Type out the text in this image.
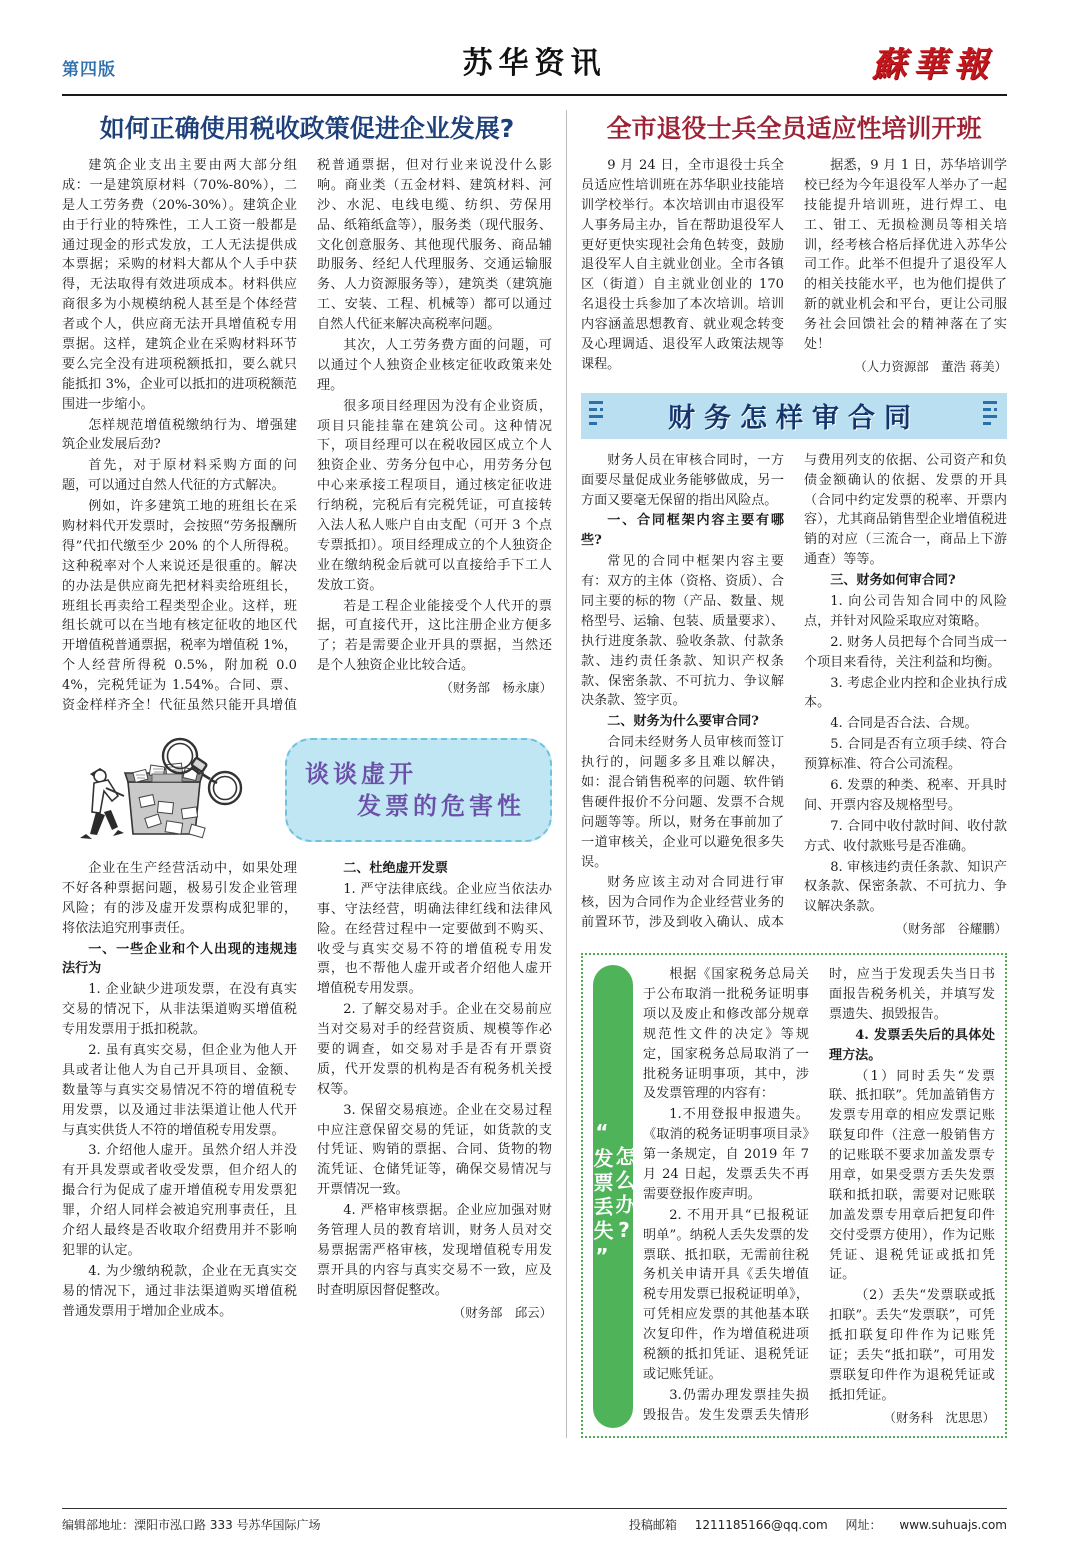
第四版	苏华资讯	蘇華報
如何正确使用税收政策促进企业发展?

建筑企业支出主要由两大部分组成：一是建筑原材料（70%-80%），二是人工劳务费（20%-30%）。建筑企业由于行业的特殊性，工人工资一般都是通过现金的形式发放，工人无法提供成本票据；采购的材料大都从个人手中获得，无法取得有效进项成本。材料供应商很多为小规模纳税人甚至是个体经营者或个人，供应商无法开具增值税专用票据。这样，建筑企业在采购材料环节要么完全没有进项税额抵扣，要么就只能抵扣 3%，企业可以抵扣的进项税额范围进一步缩小。

怎样规范增值税缴纳行为、增强建筑企业发展后劲?

首先，对于原材料采购方面的问题，可以通过自然人代征的方式解决。

例如，许多建筑工地的班组长在采购材料代开发票时，会按照“劳务报酬所得”代扣代缴至少 20% 的个人所得税。这种税率对个人来说还是很重的。解决的办法是供应商先把材料卖给班组长，班组长再卖给工程类型企业。这样，班组长就可以在当地有核定征收的地区代开增值税普通票据，税率为增值税 1%，个人经营所得税 0.5%，附加税 0.04%，完税凭证为 1.54%。合同、票、资金样样齐全！代征虽然只能开具增值税普通票据，但对行业来说没什么影响。商业类（五金材料、建筑材料、河沙、水泥、电线电缆、纺织、劳保用品、纸箱纸盒等），服务类（现代服务、文化创意服务、其他现代服务、商品辅助服务、经纪人代理服务、交通运输服务、人力资源服务等），建筑类（建筑施工、安装、工程、机械等）都可以通过自然人代征来解决高税率问题。

其次，人工劳务费方面的问题，可以通过个人独资企业核定征收政策来处理。

很多项目经理因为没有企业资质，项目只能挂靠在建筑公司。这种情况下，项目经理可以在税收园区成立个人独资企业、劳务分包中心，用劳务分包中心来承接工程项目，通过核定征收进行纳税，完税后有完税凭证，可直接转入法人私人账户自由支配（可开 3 个点专票抵扣）。项目经理成立的个人独资企业在缴纳税金后就可以直接给手下工人发放工资。

若是工程企业能接受个人代开的票据，可直接代开，这比注册企业方便多了；若是需要企业开具的票据，当然还是个人独资企业比较合适。

（财务部　杨永康）

谈谈虚开
发票的危害性

企业在生产经营活动中，如果处理不好各种票据问题，极易引发企业管理风险；有的涉及虚开发票构成犯罪的，将依法追究刑事责任。

一、一些企业和个人出现的违规违法行为

1. 企业缺少进项发票，在没有真实交易的情况下，从非法渠道购买增值税专用发票用于抵扣税款。

2. 虽有真实交易，但企业为他人开具或者让他人为自己开具项目、金额、数量等与真实交易情况不符的增值税专用发票，以及通过非法渠道让他人代开与真实供货人不符的增值税专用发票。

3. 介绍他人虚开。虽然介绍人并没有开具发票或者收受发票，但介绍人的撮合行为促成了虚开增值税专用发票犯罪，介绍人同样会被追究刑事责任，且介绍人最终是否收取介绍费用并不影响犯罪的认定。

4. 为少缴纳税款，企业在无真实交易的情况下，通过非法渠道购买增值税普通发票用于增加企业成本。

二、杜绝虚开发票

1. 严守法律底线。企业应当依法办事、守法经营，明确法律红线和法律风险。在经营过程中一定要做到不购买、收受与真实交易不符的增值税专用发票，也不帮他人虚开或者介绍他人虚开增值税专用发票。

2. 了解交易对手。企业在交易前应当对交易对手的经营资质、规模等作必要的调查，如交易对手是否有开票资质，代开发票的机构是否有税务机关授权等。

3. 保留交易痕迹。企业在交易过程中应注意保留交易的凭证，如货款的支付凭证、购销的票据、合同、货物的物流凭证、仓储凭证等，确保交易情况与开票情况一致。

4. 严格审核票据。企业应加强对财务管理人员的教育培训，财务人员对交易票据需严格审核，发现增值税专用发票开具的内容与真实交易不一致，应及时查明原因督促整改。

（财务部　邱云）

全市退役士兵全员适应性培训开班

9 月 24 日，全市退役士兵全员适应性培训班在苏华职业技能培训学校举行。本次培训由市退役军人事务局主办，旨在帮助退役军人更好更快实现社会角色转变，鼓励退役军人自主就业创业。全市各镇区（街道）自主就业创业的 170 名退役士兵参加了本次培训。培训内容涵盖思想教育、就业观念转变及心理调适、退役军人政策法规等课程。

据悉，9 月 1 日，苏华培训学校已经为今年退役军人举办了一起技能提升培训班，进行焊工、电工、钳工、无损检测员等相关培训，经考核合格后择优进入苏华公司工作。此举不但提升了退役军人的相关技能水平，也为他们提供了新的就业机会和平台，更让公司服务社会回馈社会的精神落在了实处！

（人力资源部　董浩 蒋美）

财务怎样审合同

财务人员在审核合同时，一方面要尽量促成业务能够做成，另一方面又要毫无保留的指出风险点。

一、合同框架内容主要有哪些?

常见的合同中框架内容主要有：双方的主体（资格、资质）、合同主要的标的物（产品、数量、规格型号、运输、包装、质量要求）、执行进度条款、验收条款、付款条款、违约责任条款、知识产权条款、保密条款、不可抗力、争议解决条款、签字页。

二、财务为什么要审合同?

合同未经财务人员审核而签订执行的，问题多多且难以解决，如：混合销售税率的问题、软件销售硬件报价不分问题、发票不合规问题等等。所以，财务在事前加了一道审核关，企业可以避免很多失误。

财务应该主动对合同进行审核，因为合同作为企业经营业务的前置环节，涉及到收入确认、成本与费用列支的依据、公司资产和负债金额确认的依据、发票的开具（合同中约定发票的税率、开票内容），尤其商品销售型企业增值税进销的对应（三流合一，商品上下游通查）等等。

三、财务如何审合同?

1. 向公司告知合同中的风险点，并针对风险采取应对策略。

2. 财务人员把每个合同当成一个项目来看待，关注利益和均衡。

3. 考虑企业内控和企业执行成本。

4. 合同是否合法、合规。

5. 合同是否有立项手续、符合预算标准、符合公司流程。

6. 发票的种类、税率、开具时间、开票内容及规格型号。

7. 合同中收付款时间、收付款方式、收付款账号是否准确。

8. 审核违约责任条款、知识产权条款、保密条款、不可抗力、争议解决条款。

（财务部　谷耀鹏）

“发票丢失”
怎么办?

根据《国家税务总局关于公布取消一批税务证明事项以及废止和修改部分规章规范性文件的决定》等规定，国家税务总局取消了一批税务证明事项，其中，涉及发票管理的内容有：

1.不用登报申报遗失。《取消的税务证明事项目录》第一条规定，自 2019 年 7 月 24 日起，发票丢失不再需要登报作废声明。

2. 不用开具“已报税证明单”。纳税人丢失发票的发票联、抵扣联，无需前往税务机关申请开具《丢失增值税专用发票已报税证明单》，可凭相应发票的其他基本联次复印件，作为增值税进项税额的抵扣凭证、退税凭证或记账凭证。

3.仍需办理发票挂失损毁报告。发生发票丢失情形时，应当于发现丢失当日书面报告税务机关，并填写发票遗失、损毁报告。

4. 发票丢失后的具体处理方法。

（1）同时丢失“发票联、抵扣联”。凭加盖销售方发票专用章的相应发票记账联复印件（注意一般销售方的记账联不要求加盖发票专用章，如果受票方丢失发票联和抵扣联，需要对记账联加盖发票专用章后把复印件交付受票方使用），作为记账凭证、退税凭证或抵扣凭证。

（2）丢失“发票联或抵扣联”。丢失“发票联”，可凭抵扣联复印件作为记账凭证；丢失“抵扣联”，可用发票联复印件作为退税凭证或抵扣凭证。

（财务科　沈思思）

编辑部地址：溧阳市泓口路 333 号苏华国际广场	投稿邮箱 1211185166@qq.com 网址： www.suhuajs.com
